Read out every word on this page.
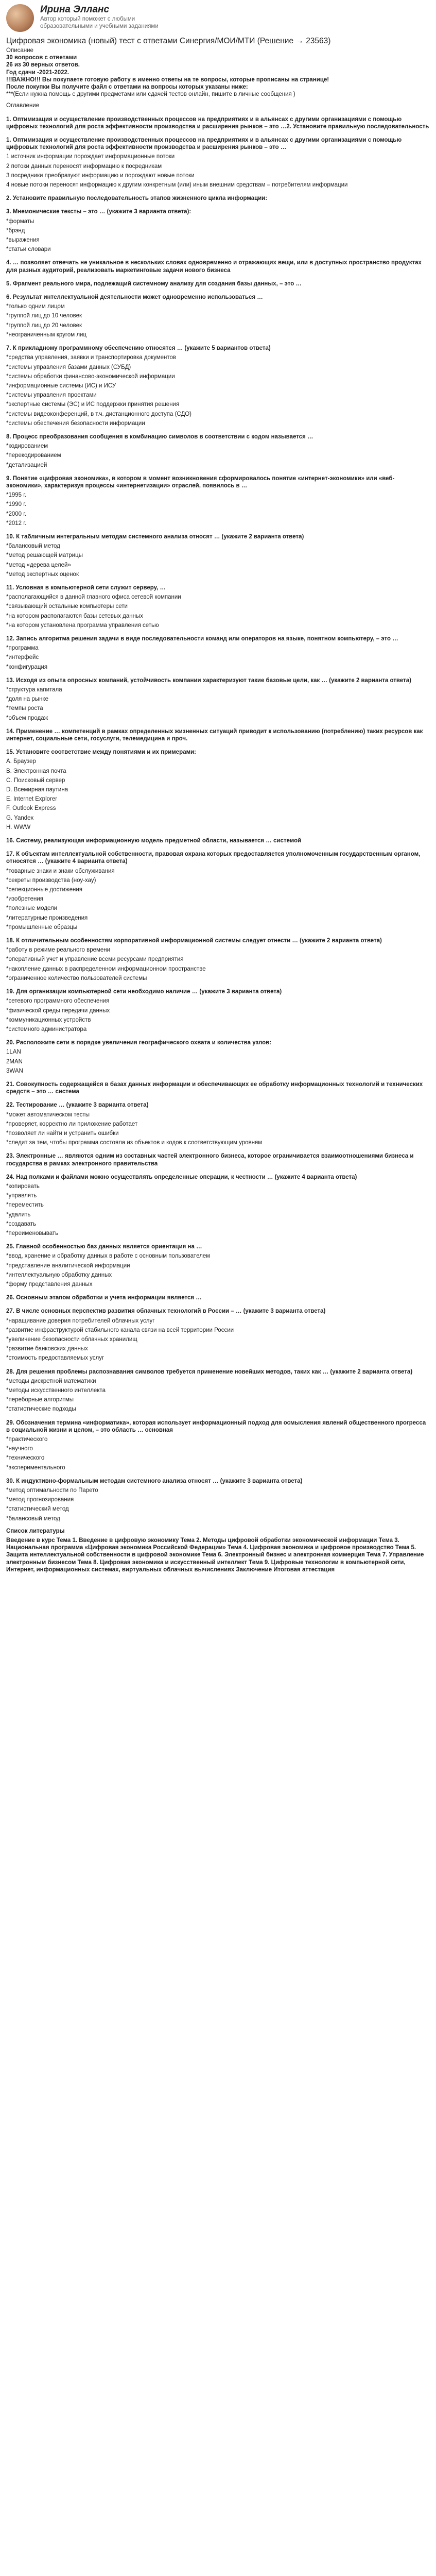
Ирина Элланс
Автор который поможет с любыми образовательными и учебными заданиями
Цифровая экономика (новый) тест с ответами Синергия/МОИ/МТИ (Решение → 23563)

Описание

30 вопросов с ответами

26 из 30 верных ответов.

Год сдачи -2021-2022.

!!!ВАЖНО!!! Вы покупаете готовую работу в именно ответы на те вопросы, которые прописаны на странице!

После покупки Вы получите файл с ответами на вопросы которых указаны ниже:

***(Если нужна помощь с другими предметами или сдачей тестов онлайн, пишите в личные сообщения )

Оглавление

1. Оптимизация и осуществление производственных процессов на предприятиях и в альянсах с другими организациями с помощью цифровых технологий для роста эффективности производства и расширения рынков – это …2. Установите правильную последовательность

1. Оптимизация и осуществление производственных процессов на предприятиях и в альянсах с другими организациями с помощью цифровых технологий для роста эффективности производства и расширения рынков – это …

1 источник информации порождает информационные потоки

2 потоки данных переносят информацию к посредникам

3 посредники преобразуют информацию и порождают новые потоки

4 новые потоки переносят информацию к другим конкретным (или) иным внешним средствам – потребителям информации

2. Установите правильную последовательность этапов жизненного цикла информации:

3. Мнемонические тексты – это … (укажите 3 варианта ответа):

*форматы

*брэнд

*выражения

*статьи словари

4. … позволяет отвечать не уникальное в нескольких словах одновременно и отражающих вещи, или в доступных пространство продуктах для разных аудиторий, реализовать маркетинговые задачи нового бизнеса

5. Фрагмент реального мира, подлежащий системному анализу для создания базы данных, – это …

6. Результат интеллектуальной деятельности может одновременно использоваться …

*только одним лицом

*группой лиц до 10 человек

*группой лиц до 20 человек

*неограниченным кругом лиц

7. К прикладному программному обеспечению относятся … (укажите 5 вариантов ответа)

*средства управления, заявки и транспортировка документов

*системы управления базами данных (СУБД)

*системы обработки финансово-экономической информации

*информационные системы (ИС) и ИСУ

*системы управления проектами

*экспертные системы (ЭС) и ИС поддержки принятия решения

*системы видеоконференций, в т.ч. дистанционного доступа (СДО)

*системы обеспечения безопасности информации

8. Процесс преобразования сообщения в комбинацию символов в соответствии с кодом называется …

*кодированием

*перекодированием

*детализацией

9. Понятие «цифровая экономика», в котором в момент возникновения сформировалось понятие «интернет-экономики» или «веб-экономики», характеризуя процессы «интернетизации» отраслей, появилось в …

*1995 г.

*1990 г.

*2000 г.

*2012 г.

10. К табличным интегральным методам системного анализа относят … (укажите 2 варианта ответа)

*балансовый метод

*метод решающей матрицы

*метод «дерева целей»

*метод экспертных оценок

11. Условная в компьютерной сети служит серверу, …

*располагающийся в данной главного офиса сетевой компании

*связывающий остальные компьютеры сети

*на котором располагаются базы сетевых данных

*на котором установлена программа управления сетью

12. Запись алгоритма решения задачи в виде последовательности команд или операторов на языке, понятном компьютеру, – это …

*программа

*интерфейс

*конфигурация

13. Исходя из опыта опросных компаний, устойчивость компании характеризуют такие базовые цели, как … (укажите 2 варианта ответа)

*структура капитала

*доля на рынке

*темпы роста

*объем продаж

14. Применение … компетенций в рамках определенных жизненных ситуаций приводит к использованию (потреблению) таких ресурсов как интернет, социальные сети, госуслуги, телемедицина и проч.

15. Установите соответствие между понятиями и их примерами:

A. Браузер

B. Электронная почта

C. Поисковый сервер

D. Всемирная паутина

E. Internet Explorer

F. Outlook Express

G. Yandex

H. WWW

16. Систему, реализующая информационную модель предметной области, называется … системой

17. К объектам интеллектуальной собственности, правовая охрана которых предоставляется уполномоченным государственным органом, относятся … (укажите 4 варианта ответа)

*товарные знаки и знаки обслуживания

*секреты производства (ноу-хау)

*селекционные достижения

*изобретения

*полезные модели

*литературные произведения

*промышленные образцы

18. К отличительным особенностям корпоративной информационной системы следует отнести … (укажите 2 варианта ответа)

*работу в режиме реального времени

*оперативный учет и управление всеми ресурсами предприятия

*накопление данных в распределенном информационном пространстве

*ограниченное количество пользователей системы

19. Для организации компьютерной сети необходимо наличие … (укажите 3 варианта ответа)

*сетевого программного обеспечения

*физической среды передачи данных

*коммуникационных устройств

*системного администратора

20. Расположите сети в порядке увеличения географического охвата и количества узлов:

1LAN

2MAN

3WAN

21. Совокупность содержащейся в базах данных информации и обеспечивающих ее обработку информационных технологий и технических средств – это … система

22. Тестирование … (укажите 3 варианта ответа)

*может автоматическом тесты

*проверяет, корректно ли приложение работает

*позволяет ли найти и устранить ошибки

*следит за тем, чтобы программа состояла из объектов и кодов к соответствующим уровням

23. Электронные … являются одним из составных частей электронного бизнеса, которое ограничивается взаимоотношениями бизнеса и государства в рамках электронного правительства

24. Над полками и файлами можно осуществлять определенные операции, к честности … (укажите 4 варианта ответа)

*копировать

*управлять

*переместить

*удалить

*создавать

*переименовывать

25. Главной особенностью баз данных является ориентация на …

*ввод, хранение и обработку данных в работе с основным пользователем

*представление аналитической информации

*интеллектуальную обработку данных

*форму представления данных

26. Основным этапом обработки и учета информации является …

27. В числе основных перспектив развития облачных технологий в России – … (укажите 3 варианта ответа)

*наращивание доверия потребителей облачных услуг

*развитие инфраструктурой стабильного канала связи на всей территории России

*увеличение безопасности облачных хранилищ

*развитие банковских данных

*стоимость предоставляемых услуг

28. Для решения проблемы распознавания символов требуется применение новейших методов, таких как … (укажите 2 варианта ответа)

*методы дискретной математики

*методы искусственного интеллекта

*переборные алгоритмы

*статистические подходы

29. Обозначения термина «информатика», которая использует информационный подход для осмысления явлений общественного прогресса в социальной жизни и целом, – это область … основная

*практического

*научного

*технического

*экспериментального

30. К индуктивно-формальным методам системного анализа относят … (укажите 3 варианта ответа)

*метод оптимальности по Парето

*метод прогнозирования

*статистический метод

*балансовый метод

Список литературы

Введение в курс Тема 1. Введение в цифровую экономику Тема 2. Методы цифровой обработки экономической информации Тема 3. Национальная программа «Цифровая экономика Российской Федерации» Тема 4. Цифровая экономика и цифровое производство Тема 5. Защита интеллектуальной собственности в цифровой экономике Тема 6. Электронный бизнес и электронная коммерция Тема 7. Управление электронным бизнесом Тема 8. Цифровая экономика и искусственный интеллект Тема 9. Цифровые технологии в компьютерной сети, Интернет, информационных системах, виртуальных облачных вычислениях Заключение Итоговая аттестация
